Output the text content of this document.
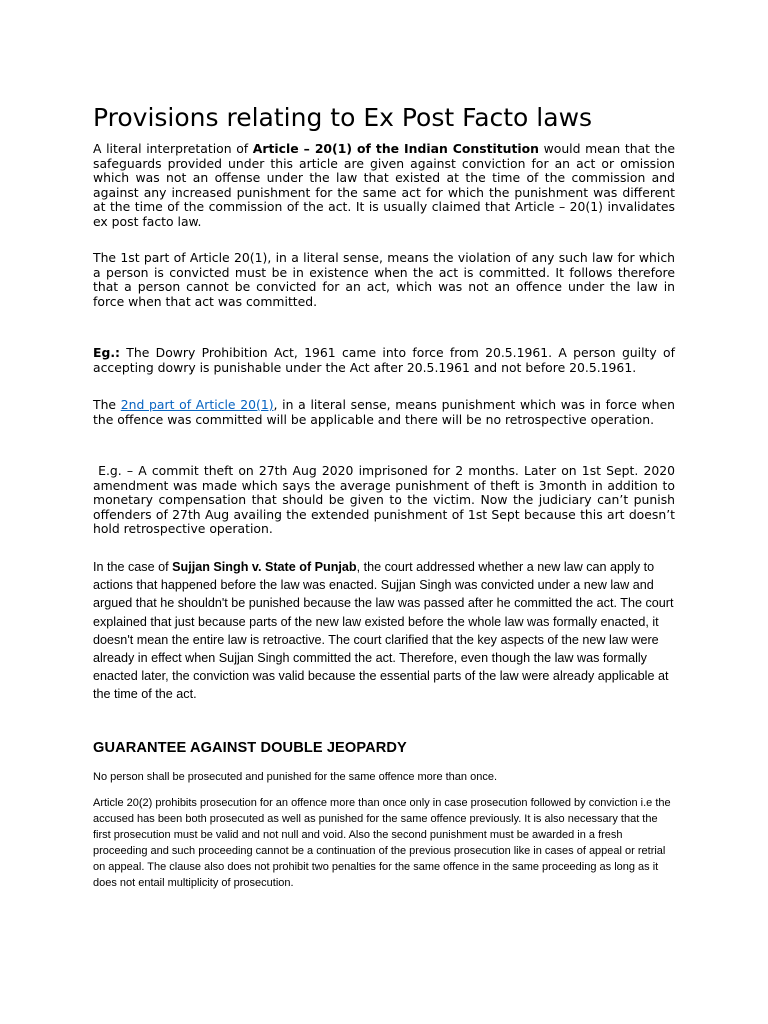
Provisions relating to Ex Post Facto laws

A literal interpretation of Article – 20(1) of the Indian Constitution would mean that the safeguards provided under this article are given against conviction for an act or omission which was not an offense under the law that existed at the time of the commission and against any increased punishment for the same act for which the punishment was different at the time of the commission of the act. It is usually claimed that Article – 20(1) invalidates ex post facto law.

The 1st part of Article 20(1), in a literal sense, means the violation of any such law for which a person is convicted must be in existence when the act is committed. It follows therefore that a person cannot be convicted for an act, which was not an offence under the law in force when that act was committed.

Eg.: The Dowry Prohibition Act, 1961 came into force from 20.5.1961. A person guilty of accepting dowry is punishable under the Act after 20.5.1961 and not before 20.5.1961.

The 2nd part of Article 20(1), in a literal sense, means punishment which was in force when the offence was committed will be applicable and there will be no retrospective operation.

E.g. – A commit theft on 27th Aug 2020 imprisoned for 2 months. Later on 1st Sept. 2020 amendment was made which says the average punishment of theft is 3month in addition to monetary compensation that should be given to the victim. Now the judiciary can’t punish offenders of 27th Aug availing the extended punishment of 1st Sept because this art doesn’t hold retrospective operation.

In the case of Sujjan Singh v. State of Punjab, the court addressed whether a new law can apply to actions that happened before the law was enacted. Sujjan Singh was convicted under a new law and argued that he shouldn't be punished because the law was passed after he committed the act. The court explained that just because parts of the new law existed before the whole law was formally enacted, it doesn't mean the entire law is retroactive. The court clarified that the key aspects of the new law were already in effect when Sujjan Singh committed the act. Therefore, even though the law was formally enacted later, the conviction was valid because the essential parts of the law were already applicable at the time of the act.

GUARANTEE AGAINST DOUBLE JEOPARDY

No person shall be prosecuted and punished for the same offence more than once.

Article 20(2) prohibits prosecution for an offence more than once only in case prosecution followed by conviction i.e the accused has been both prosecuted as well as punished for the same offence previously. It is also necessary that the first prosecution must be valid and not null and void. Also the second punishment must be awarded in a fresh proceeding and such proceeding cannot be a continuation of the previous prosecution like in cases of appeal or retrial on appeal. The clause also does not prohibit two penalties for the same offence in the same proceeding as long as it does not entail multiplicity of prosecution.
